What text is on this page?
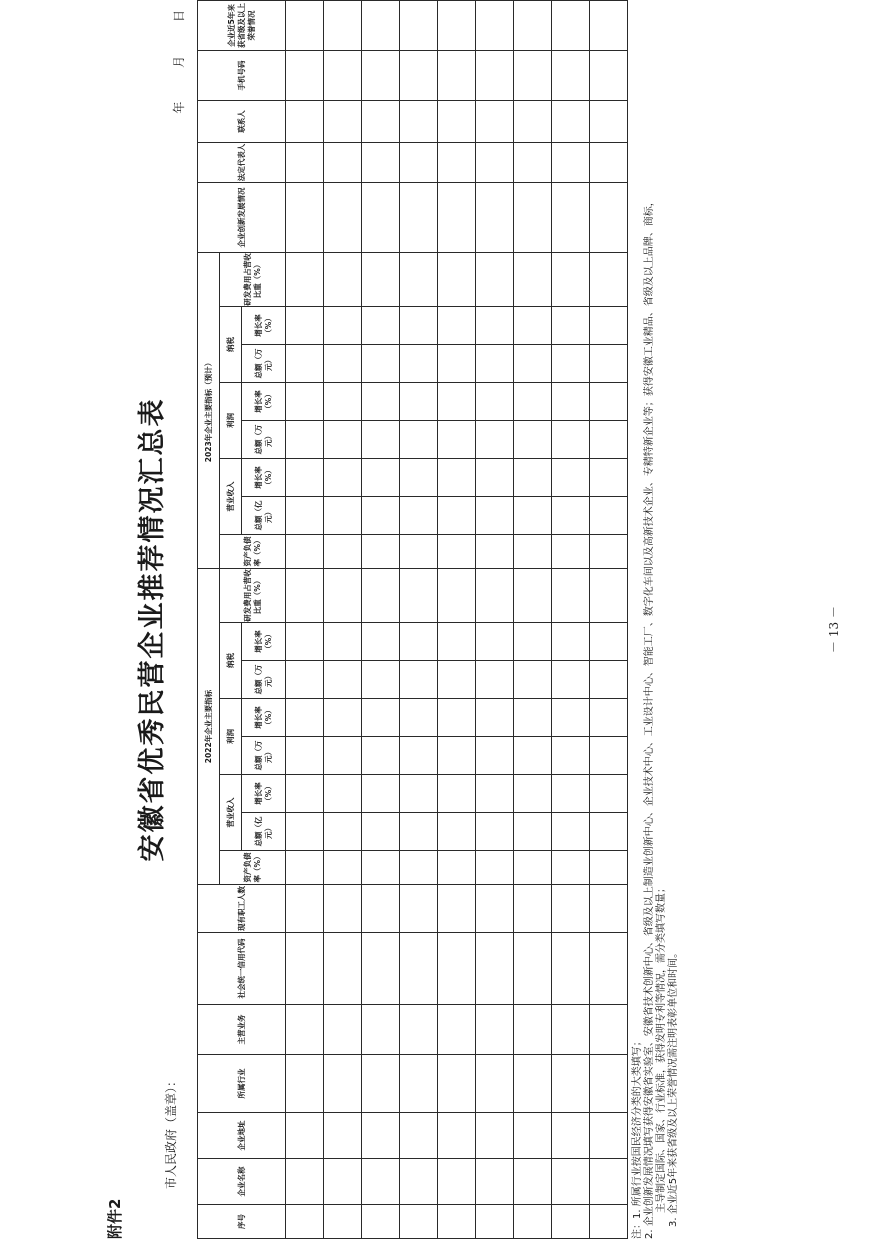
附件2
安徽省优秀民营企业推荐情况汇总表
市人民政府（盖章）：
年 月 日
序号	企业名称	企业地址	所属行业	主营业务	社会统一信用代码	现有职工人数	2022年企业主要指标								2023年企业主要指标（预计）								企业创新发展情况	法定代表人	联系人	手机号码	企业近5年来获省级及以上荣誉情况
							资产负债率（%）	营业收入		利润		纳税		研发费用占营收比重（%）	资产负债率（%）	营业收入		利润		纳税		研发费用占营收比重（%）					
								总额（亿元）	增长率（%）	总额（万元）	增长率（%）	总额（万元）	增长率（%）			总额（亿元）	增长率（%）	总额（万元）	增长率（%）	总额（万元）	增长率（%）						

注：1. 所属行业按国民经济分类的大类填写； 2. 企业创新发展情况填写获得安徽省实验室、安徽省技术创新中心、省级及以上制造业创新中心、企业技术中心、工业设计中心、智能工厂、数字化车间以及高新技术企业、专精特新企业等；获得安徽工业精品、省级及以上品牌、商标， 主导制定国际、国家、行业标准，获得发明专利等情况，需分类填写数量； 3. 企业近5年来获省级及以上荣誉情况需注明表彰单位和时间。
－ 13 －
